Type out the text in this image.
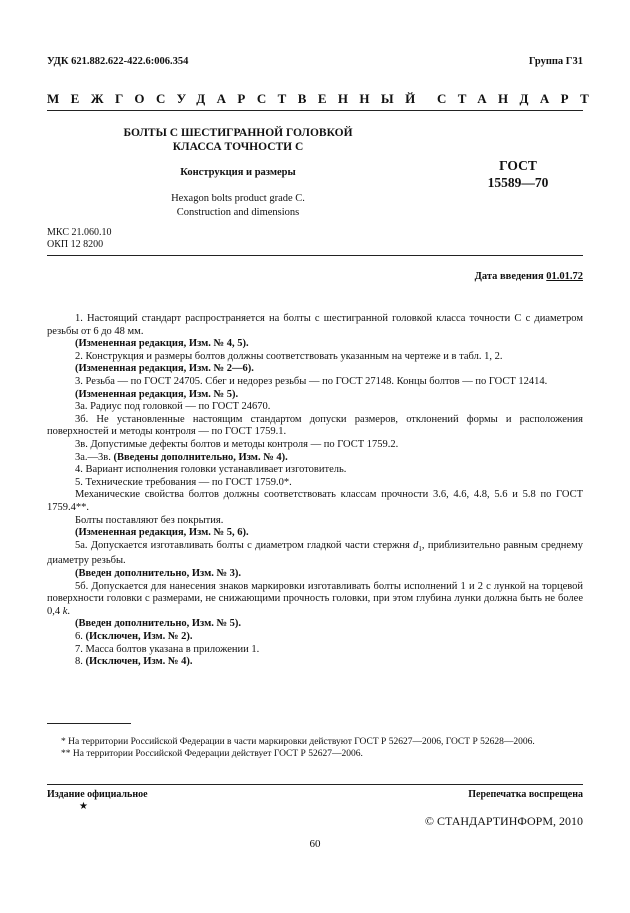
УДК 621.882.622-422.6:006.354	Группа Г31
МЕЖГОСУДАРСТВЕННЫЙ СТАНДАРТ
БОЛТЫ С ШЕСТИГРАННОЙ ГОЛОВКОЙ
КЛАССА ТОЧНОСТИ С
Конструкция и размеры
Hexagon bolts product grade C.
Construction and dimensions
ГОСТ
15589—70
МКС 21.060.10
ОКП 12 8200
Дата введения 01.01.72

1. Настоящий стандарт распространяется на болты с шестигранной головкой класса точности С с диаметром резьбы от 6 до 48 мм.

(Измененная редакция, Изм. № 4, 5).

2. Конструкция и размеры болтов должны соответствовать указанным на чертеже и в табл. 1, 2.

(Измененная редакция, Изм. № 2—6).

3. Резьба — по ГОСТ 24705. Сбег и недорез резьбы — по ГОСТ 27148. Концы болтов — по ГОСТ 12414.

(Измененная редакция, Изм. № 5).

3а. Радиус под головкой — по ГОСТ 24670.

3б. Не установленные настоящим стандартом допуски размеров, отклонений формы и расположения поверхностей и методы контроля — по ГОСТ 1759.1.

3в. Допустимые дефекты болтов и методы контроля — по ГОСТ 1759.2.

3а.—3в. (Введены дополнительно, Изм. № 4).

4. Вариант исполнения головки устанавливает изготовитель.

5. Технические требования — по ГОСТ 1759.0*.

Механические свойства болтов должны соответствовать классам прочности 3.6, 4.6, 4.8, 5.6 и 5.8 по ГОСТ 1759.4**.

Болты поставляют без покрытия.

(Измененная редакция, Изм. № 5, 6).

5а. Допускается изготавливать болты с диаметром гладкой части стержня $d_1$, приблизительно равным среднему диаметру резьбы.

(Введен дополнительно, Изм. № 3).

5б. Допускается для нанесения знаков маркировки изготавливать болты исполнений 1 и 2 с лункой на торцевой поверхности головки с размерами, не снижающими прочность головки, при этом глубина лунки должна быть не более 0,4 k.

(Введен дополнительно, Изм. № 5).

6. (Исключен, Изм. № 2).

7. Масса болтов указана в приложении 1.

8. (Исключен, Изм. № 4).

* На территории Российской Федерации в части маркировки действуют ГОСТ Р 52627—2006, ГОСТ Р 52628—2006.

** На территории Российской Федерации действует ГОСТ Р 52627—2006.

Издание официальное
★
Перепечатка воспрещена
© СТАНДАРТИНФОРМ, 2010
60
